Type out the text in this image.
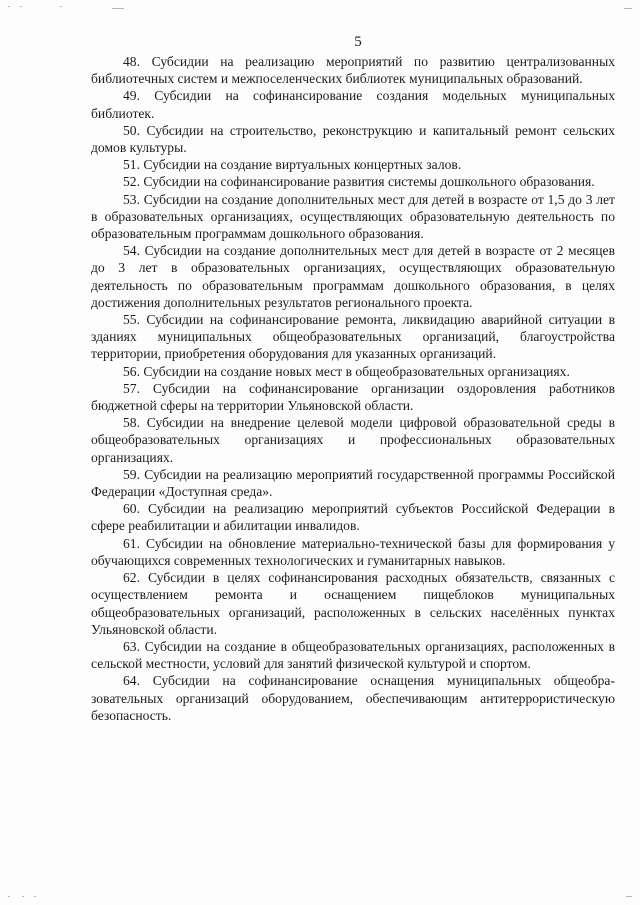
5

48. Субсидии на реализацию мероприятий по развитию централизованных библиотечных систем и межпоселенческих библиотек муниципальных образований.

49. Субсидии на софинансирование создания модельных муниципальных библиотек.

50. Субсидии на строительство, реконструкцию и капитальный ремонт сельских домов культуры.

51. Субсидии на создание виртуальных концертных залов.

52. Субсидии на софинансирование развития системы дошкольного образования.

53. Субсидии на создание дополнительных мест для детей в возрасте от 1,5 до 3 лет в образовательных организациях, осуществляющих образовательную деятельность по образовательным программам дошкольного образования.

54. Субсидии на создание дополнительных мест для детей в возрасте от 2 месяцев до 3 лет в образовательных организациях, осуществляющих образовательную деятельность по образовательным программам дошкольного образования, в целях достижения дополнительных результатов регионального проекта.

55. Субсидии на софинансирование ремонта, ликвидацию аварийной ситуации в зданиях муниципальных общеобразовательных организаций, благоустройства территории, приобретения оборудования для указанных организаций.

56. Субсидии на создание новых мест в общеобразовательных организациях.

57. Субсидии на софинансирование организации оздоровления работников бюджетной сферы на территории Ульяновской области.

58. Субсидии на внедрение целевой модели цифровой образовательной среды в общеобразовательных организациях и профессиональных образовательных организациях.

59. Субсидии на реализацию мероприятий государственной программы Российской Федерации «Доступная среда».

60. Субсидии на реализацию мероприятий субъектов Российской Федерации в сфере реабилитации и абилитации инвалидов.

61. Субсидии на обновление материально-технической базы для формирования у обучающихся современных технологических и гуманитарных навыков.

62. Субсидии в целях софинансирования расходных обязательств, связанных с осуществлением ремонта и оснащением пищеблоков муниципальных общеобразовательных организаций, расположенных в сельских населённых пунктах Ульяновской области.

63. Субсидии на создание в общеобразовательных организациях, расположенных в сельской местности, условий для занятий физической культурой и спортом.

64. Субсидии на софинансирование оснащения муниципальных общеобразовательных организаций оборудованием, обеспечивающим антитеррористическую безопасность.
